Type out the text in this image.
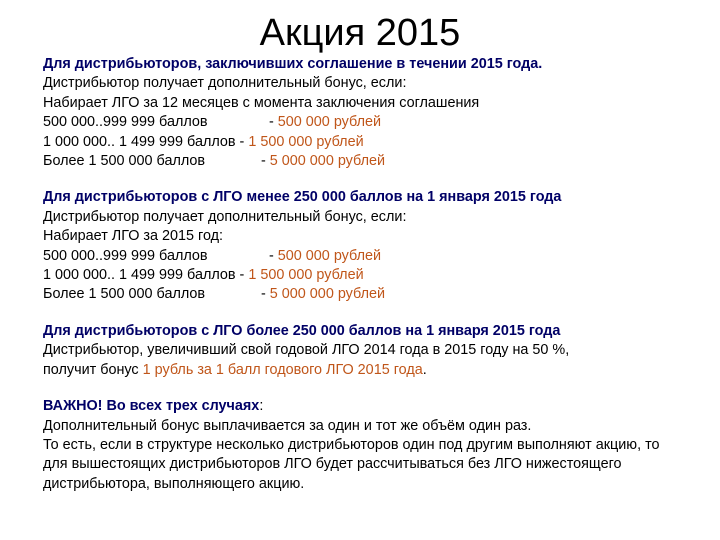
Акция 2015
Для дистрибьюторов, заключивших соглашение в течении 2015 года.
Дистрибьютор получает дополнительный бонус, если:
Набирает ЛГО за 12 месяцев с момента заключения соглашения
500 000..999 999 баллов	- 500 000 рублей
1 000 000.. 1 499 999 баллов - 1 500 000 рублей
Более 1 500 000 баллов	- 5 000 000 рублей
Для дистрибьюторов с ЛГО менее 250 000 баллов на 1 января 2015 года
Дистрибьютор получает дополнительный бонус, если:
Набирает ЛГО за 2015 год:
500 000..999 999 баллов	- 500 000 рублей
1 000 000.. 1 499 999 баллов - 1 500 000 рублей
Более 1 500 000 баллов	- 5 000 000 рублей
Для дистрибьюторов с ЛГО более 250 000 баллов на 1 января 2015 года
Дистрибьютор, увеличивший свой годовой ЛГО 2014 года в 2015 году на 50 %,
получит бонус 1 рубль за 1 балл годового ЛГО 2015 года.
ВАЖНО! Во всех трех случаях:
Дополнительный бонус выплачивается за один и тот же объём один раз.
То есть, если в структуре несколько дистрибьюторов один под другим выполняют акцию, то для вышестоящих дистрибьюторов ЛГО будет рассчитываться без ЛГО нижестоящего дистрибьютора, выполняющего акцию.
